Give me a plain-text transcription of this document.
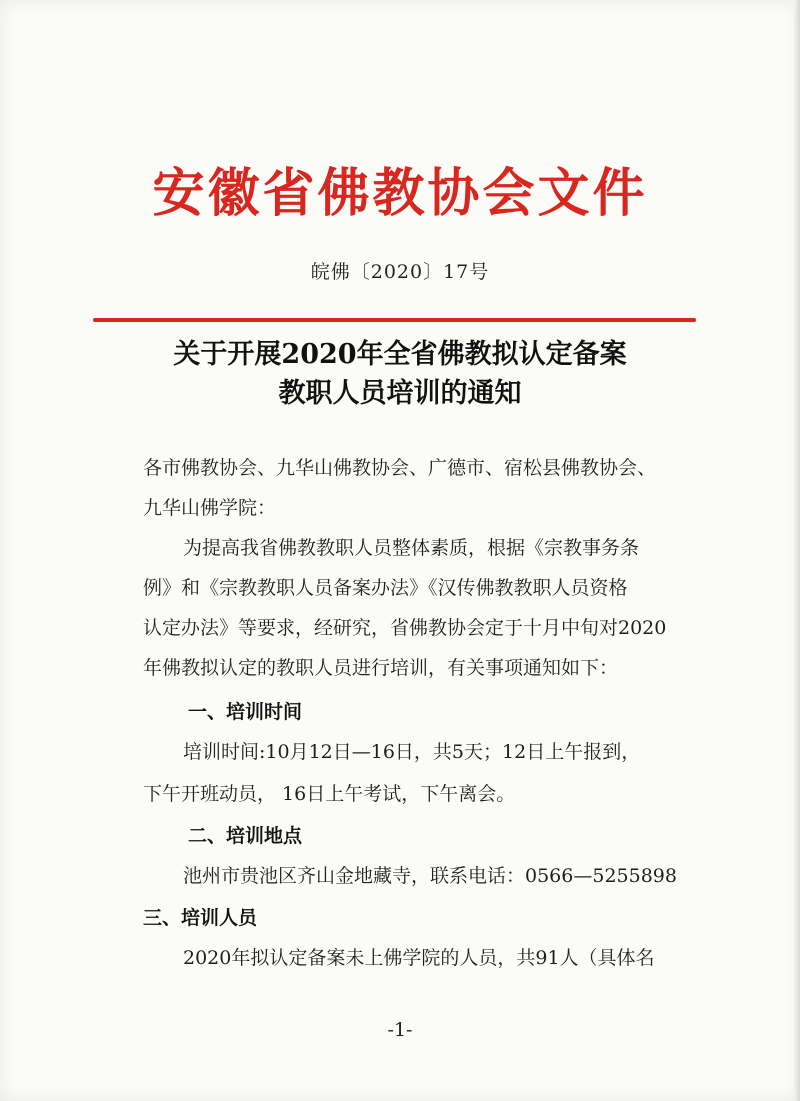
安徽省佛教协会文件
皖佛〔2020〕17号
关于开展2020年全省佛教拟认定备案
教职人员培训的通知
各市佛教协会、九华山佛教协会、广德市、宿松县佛教协会、
九华山佛学院：
为提高我省佛教教职人员整体素质，根据《宗教事务条
例》和《宗教教职人员备案办法》《汉传佛教教职人员资格
认定办法》等要求，经研究，省佛教协会定于十月中旬对2020
年佛教拟认定的教职人员进行培训，有关事项通知如下：
一、培训时间
培训时间:10月12日—16日，共5天；12日上午报到，
下午开班动员， 16日上午考试，下午离会。
二、培训地点
池州市贵池区齐山金地藏寺，联系电话：0566—5255898
三、培训人员
2020年拟认定备案未上佛学院的人员，共91人（具体名
-1-
